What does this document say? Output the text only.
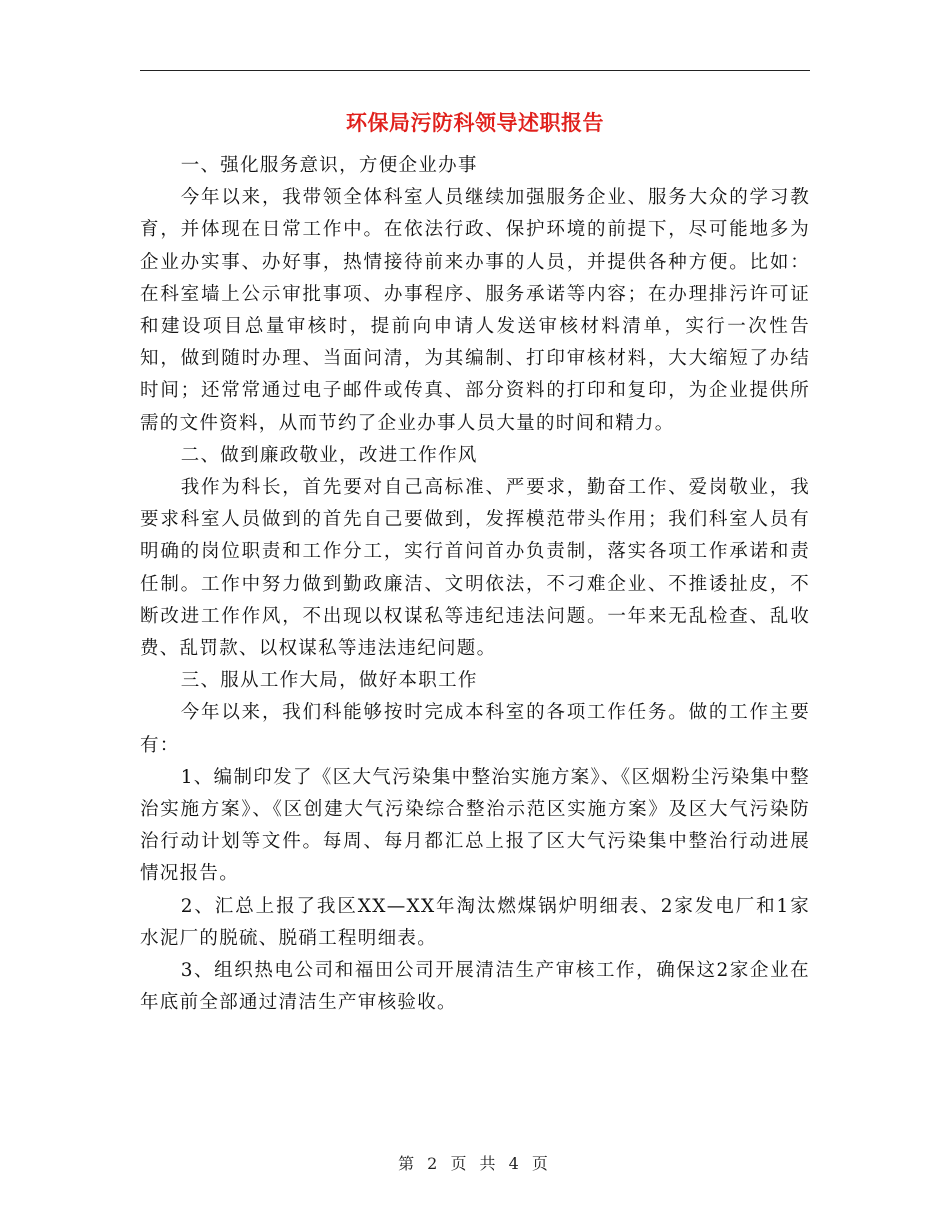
环保局污防科领导述职报告

一、强化服务意识，方便企业办事

今年以来，我带领全体科室人员继续加强服务企业、服务大众的学习教育，并体现在日常工作中。在依法行政、保护环境的前提下，尽可能地多为企业办实事、办好事，热情接待前来办事的人员，并提供各种方便。比如：在科室墙上公示审批事项、办事程序、服务承诺等内容；在办理排污许可证和建设项目总量审核时，提前向申请人发送审核材料清单，实行一次性告知，做到随时办理、当面问清，为其编制、打印审核材料，大大缩短了办结时间；还常常通过电子邮件或传真、部分资料的打印和复印，为企业提供所需的文件资料，从而节约了企业办事人员大量的时间和精力。

二、做到廉政敬业，改进工作作风

我作为科长，首先要对自己高标准、严要求，勤奋工作、爱岗敬业，我要求科室人员做到的首先自己要做到，发挥模范带头作用；我们科室人员有明确的岗位职责和工作分工，实行首问首办负责制，落实各项工作承诺和责任制。工作中努力做到勤政廉洁、文明依法，不刁难企业、不推诿扯皮，不断改进工作作风，不出现以权谋私等违纪违法问题。一年来无乱检查、乱收费、乱罚款、以权谋私等违法违纪问题。

三、服从工作大局，做好本职工作

今年以来，我们科能够按时完成本科室的各项工作任务。做的工作主要有：

1、编制印发了《区大气污染集中整治实施方案》、《区烟粉尘污染集中整治实施方案》、《区创建大气污染综合整治示范区实施方案》及区大气污染防治行动计划等文件。每周、每月都汇总上报了区大气污染集中整治行动进展情况报告。

2、汇总上报了我区XX—XX年淘汰燃煤锅炉明细表、2家发电厂和1家水泥厂的脱硫、脱硝工程明细表。

3、组织热电公司和福田公司开展清洁生产审核工作，确保这2家企业在年底前全部通过清洁生产审核验收。

第 2 页 共 4 页
